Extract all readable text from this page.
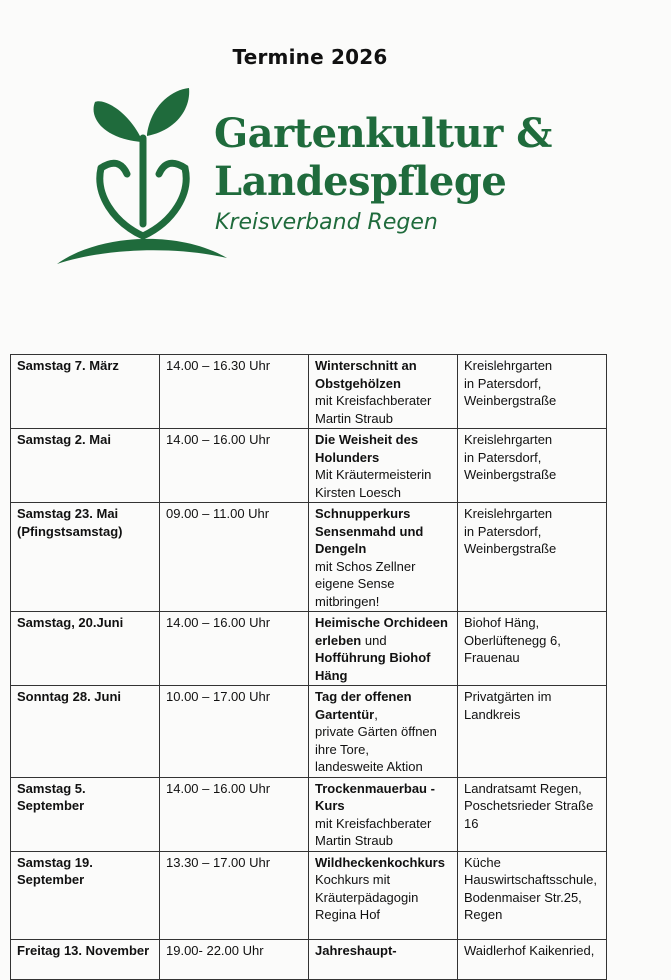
Termine 2026
Gartenkultur &
Landespflege
Kreisverband Regen
Samstag 7. März	14.00 – 16.30 Uhr	Winterschnitt an Obstgehölzen
mit Kreisfachberater
Martin Straub	Kreislehrgarten
in Patersdorf,
Weinbergstraße

Samstag 2. Mai	14.00 – 16.00 Uhr	Die Weisheit des Holunders
Mit Kräutermeisterin
Kirsten Loesch	Kreislehrgarten
in Patersdorf,
Weinbergstraße

Samstag 23. Mai
(Pfingstsamstag)	09.00 – 11.00 Uhr	Schnupperkurs Sensenmahd und Dengeln
mit Schos Zellner
eigene Sense
mitbringen!	Kreislehrgarten
in Patersdorf,
Weinbergstraße

Samstag, 20.Juni	14.00 – 16.00 Uhr	Heimische Orchideen erleben und
Hofführung Biohof Häng	Biohof Häng,
Oberlüftenegg 6,
Frauenau

Sonntag 28. Juni	10.00 – 17.00 Uhr	Tag der offenen Gartentür,
private Gärten öffnen
ihre Tore,
landesweite Aktion	Privatgärten im
Landkreis

Samstag 5. September	14.00 – 16.00 Uhr	Trockenmauerbau - Kurs
mit Kreisfachberater
Martin Straub	Landratsamt Regen,
Poschetsrieder Straße
16

Samstag 19. September	13.30 – 17.00 Uhr	Wildheckenkochkurs
Kochkurs mit
Kräuterpädagogin
Regina Hof	Küche
Hauswirtschaftsschule,
Bodenmaiser Str.25,
Regen

Freitag 13. November	19.00- 22.00 Uhr	Jahreshaupt-	Waidlerhof Kaikenried,
